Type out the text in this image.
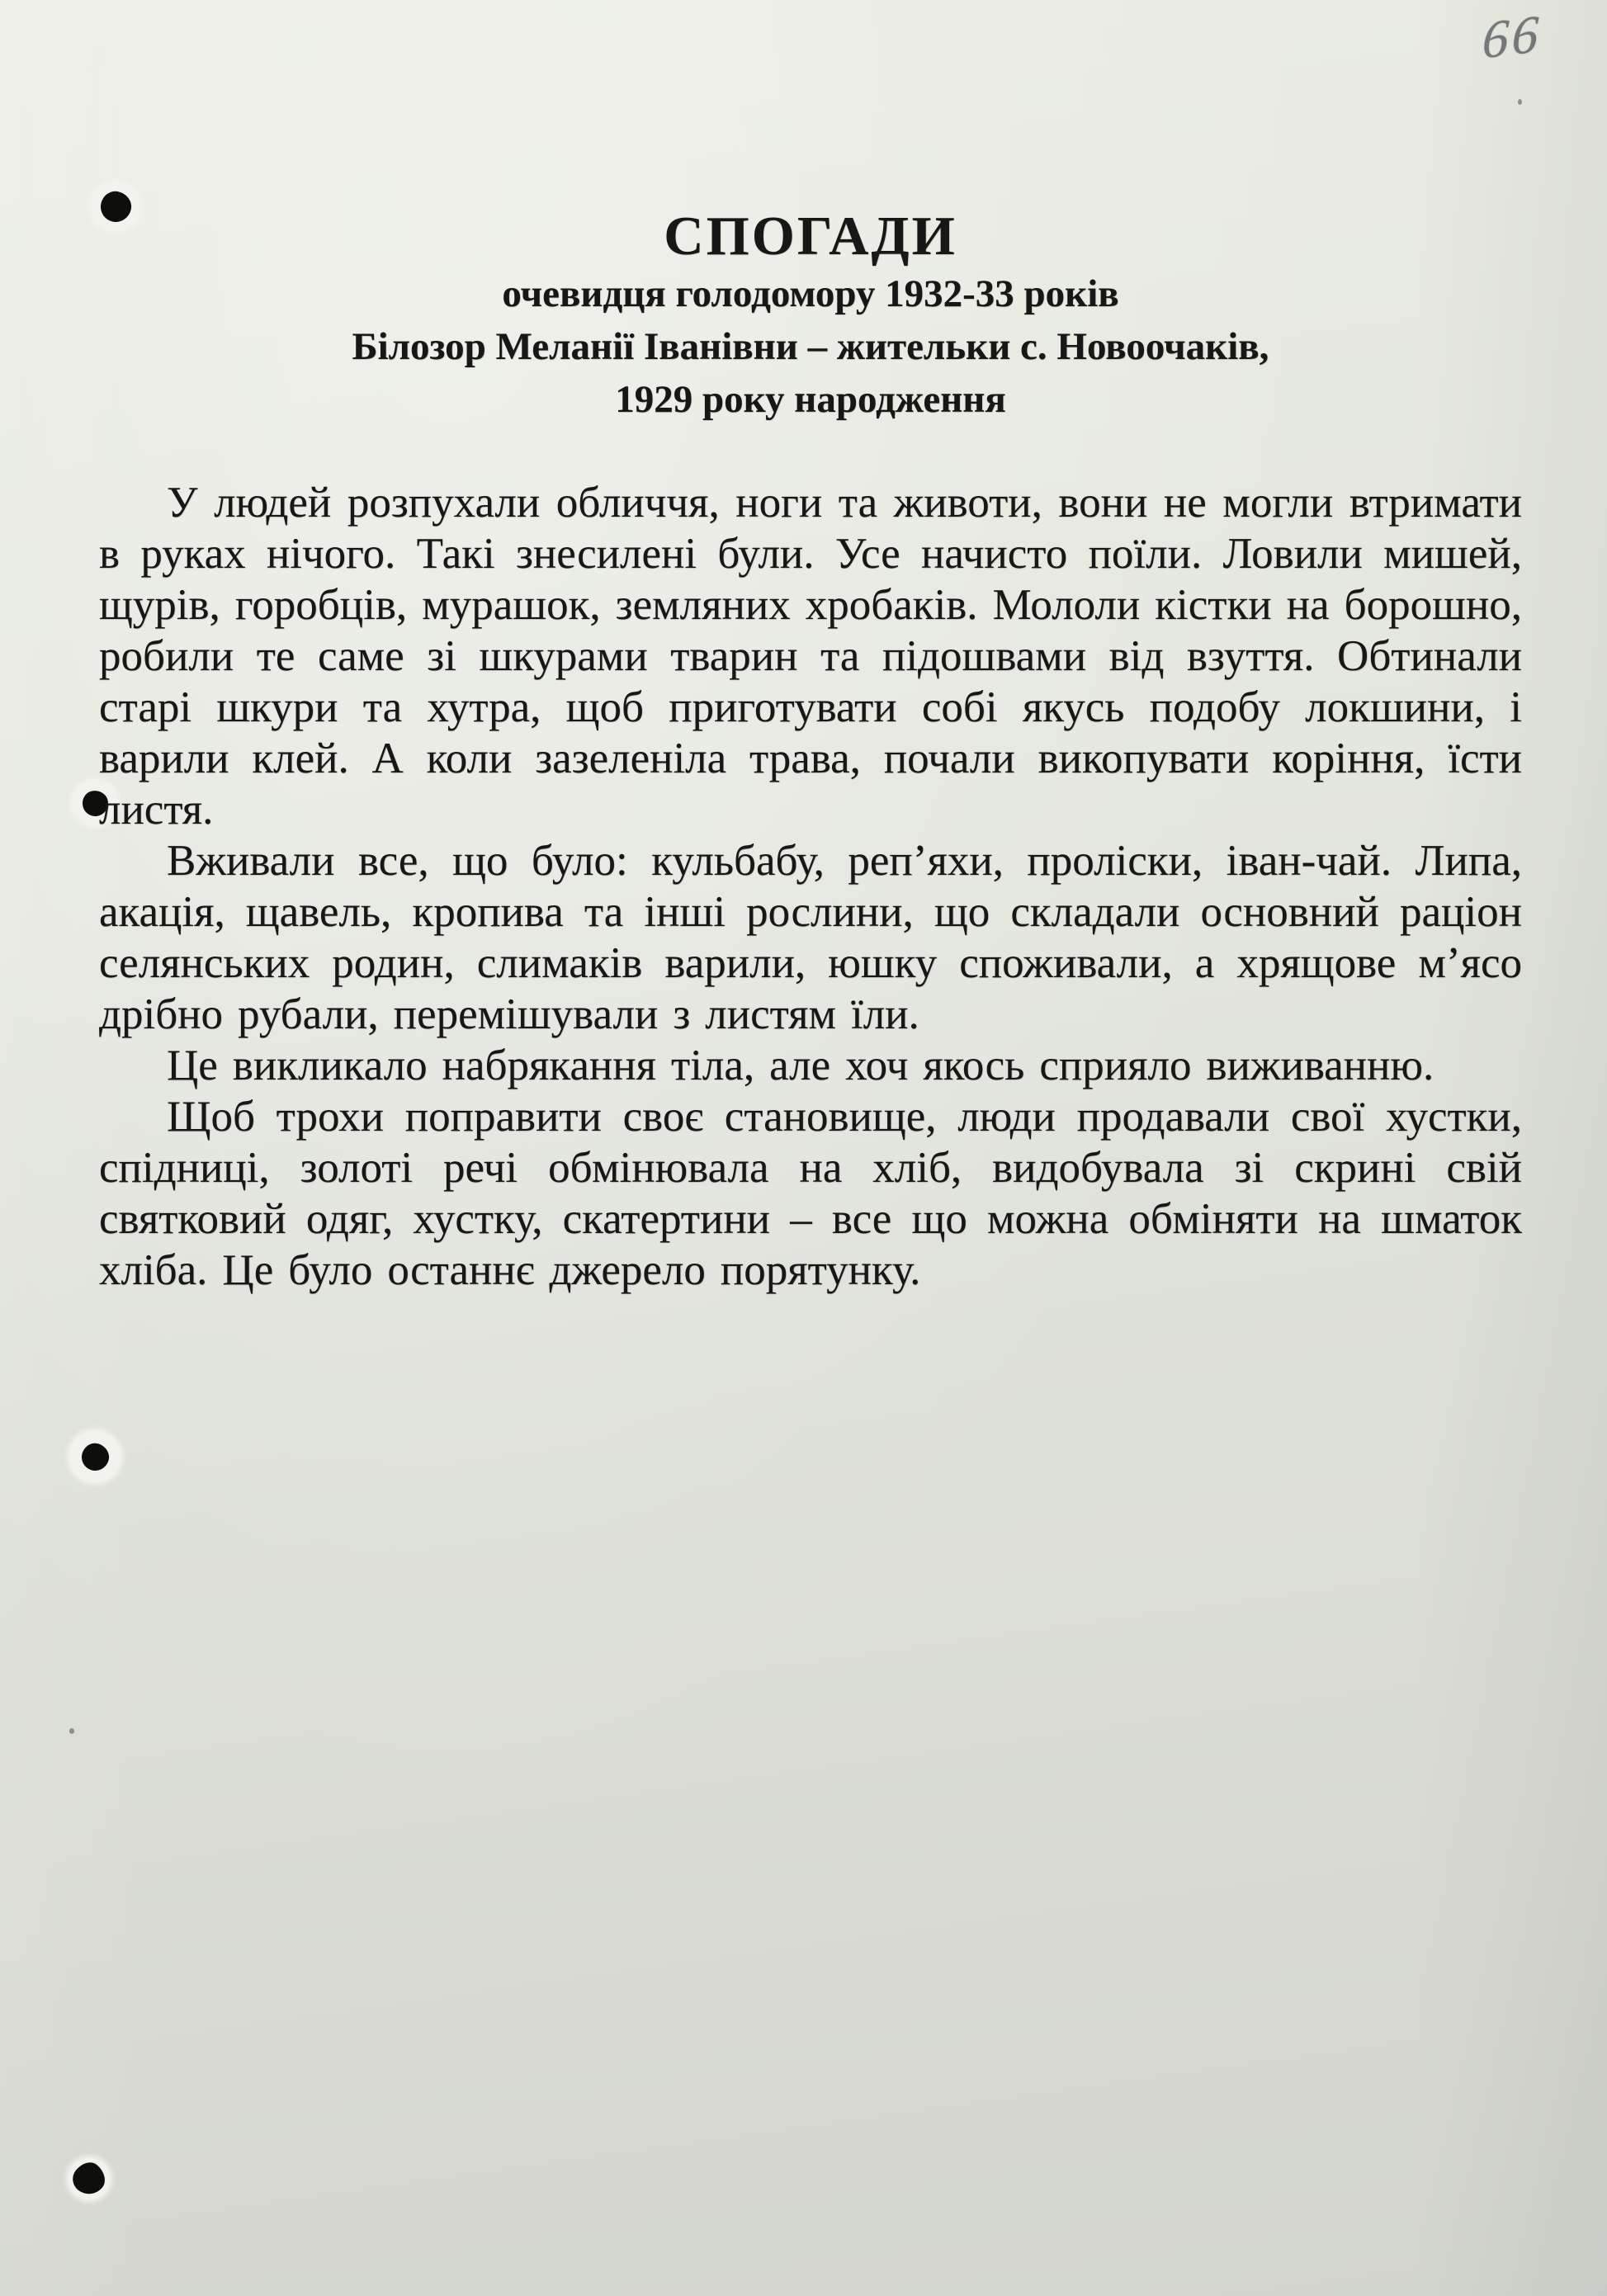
66
СПОГАДИ
очевидця голодомору 1932-33 років
Білозор Меланії Іванівни – жительки с. Новоочаків,
1929 року народження

У людей розпухали обличчя, ноги та животи, вони не могли втримати в руках нічого. Такі знесилені були. Усе начисто поїли. Ловили мишей, щурів, горобців, мурашок, земляних хробаків. Мололи кістки на борошно, робили те саме зі шкурами тварин та підошвами від взуття. Обтинали старі шкури та хутра, щоб приготувати собі якусь подобу локшини, і варили клей. А коли зазеленіла трава, почали викопувати коріння, їсти листя.

Вживали все, що було: кульбабу, реп’яхи, проліски, іван-чай. Липа, акація, щавель, кропива та інші рослини, що складали основний раціон селянських родин, слимаків варили, юшку споживали, а хрящове м’ясо дрібно рубали, перемішували з листям їли.

Це викликало набрякання тіла, але хоч якось сприяло виживанню.

Щоб трохи поправити своє становище, люди продавали свої хустки, спідниці, золоті речі обмінювала на хліб, видобувала зі скрині свій святковий одяг, хустку, скатертини – все що можна обміняти на шматок хліба. Це було останнє джерело порятунку.
